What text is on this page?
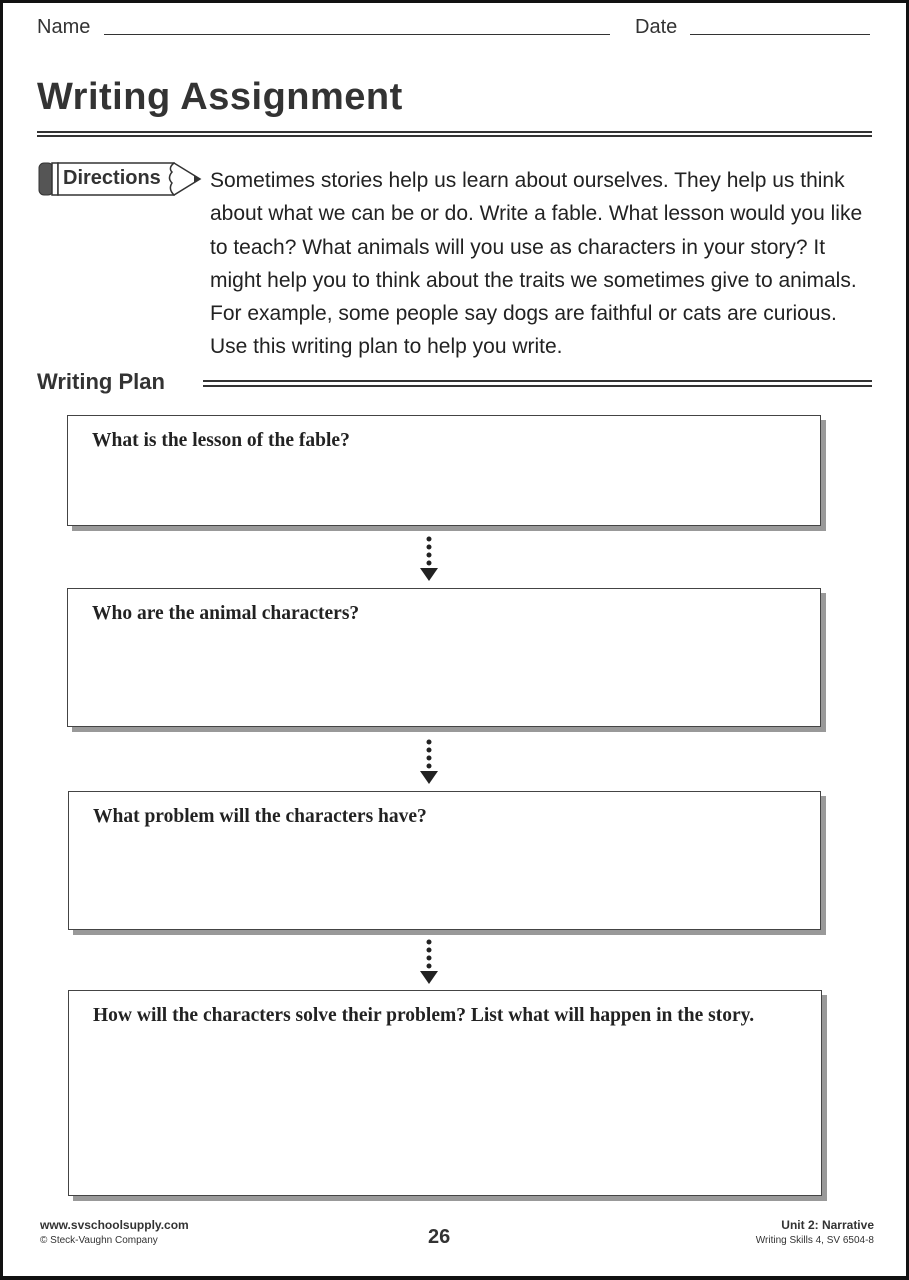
Name	Date
Writing Assignment
Directions Sometimes stories help us learn about ourselves. They help us think about what we can be or do. Write a fable. What lesson would you like to teach? What animals will you use as characters in your story? It might help you to think about the traits we sometimes give to animals. For example, some people say dogs are faithful or cats are curious. Use this writing plan to help you write.
Writing Plan
What is the lesson of the fable?
Who are the animal characters?
What problem will the characters have?
How will the characters solve their problem? List what will happen in the story.
www.svschoolsupply.com
© Steck-Vaughn Company	26
Unit 2: Narrative
Writing Skills 4, SV 6504-8
